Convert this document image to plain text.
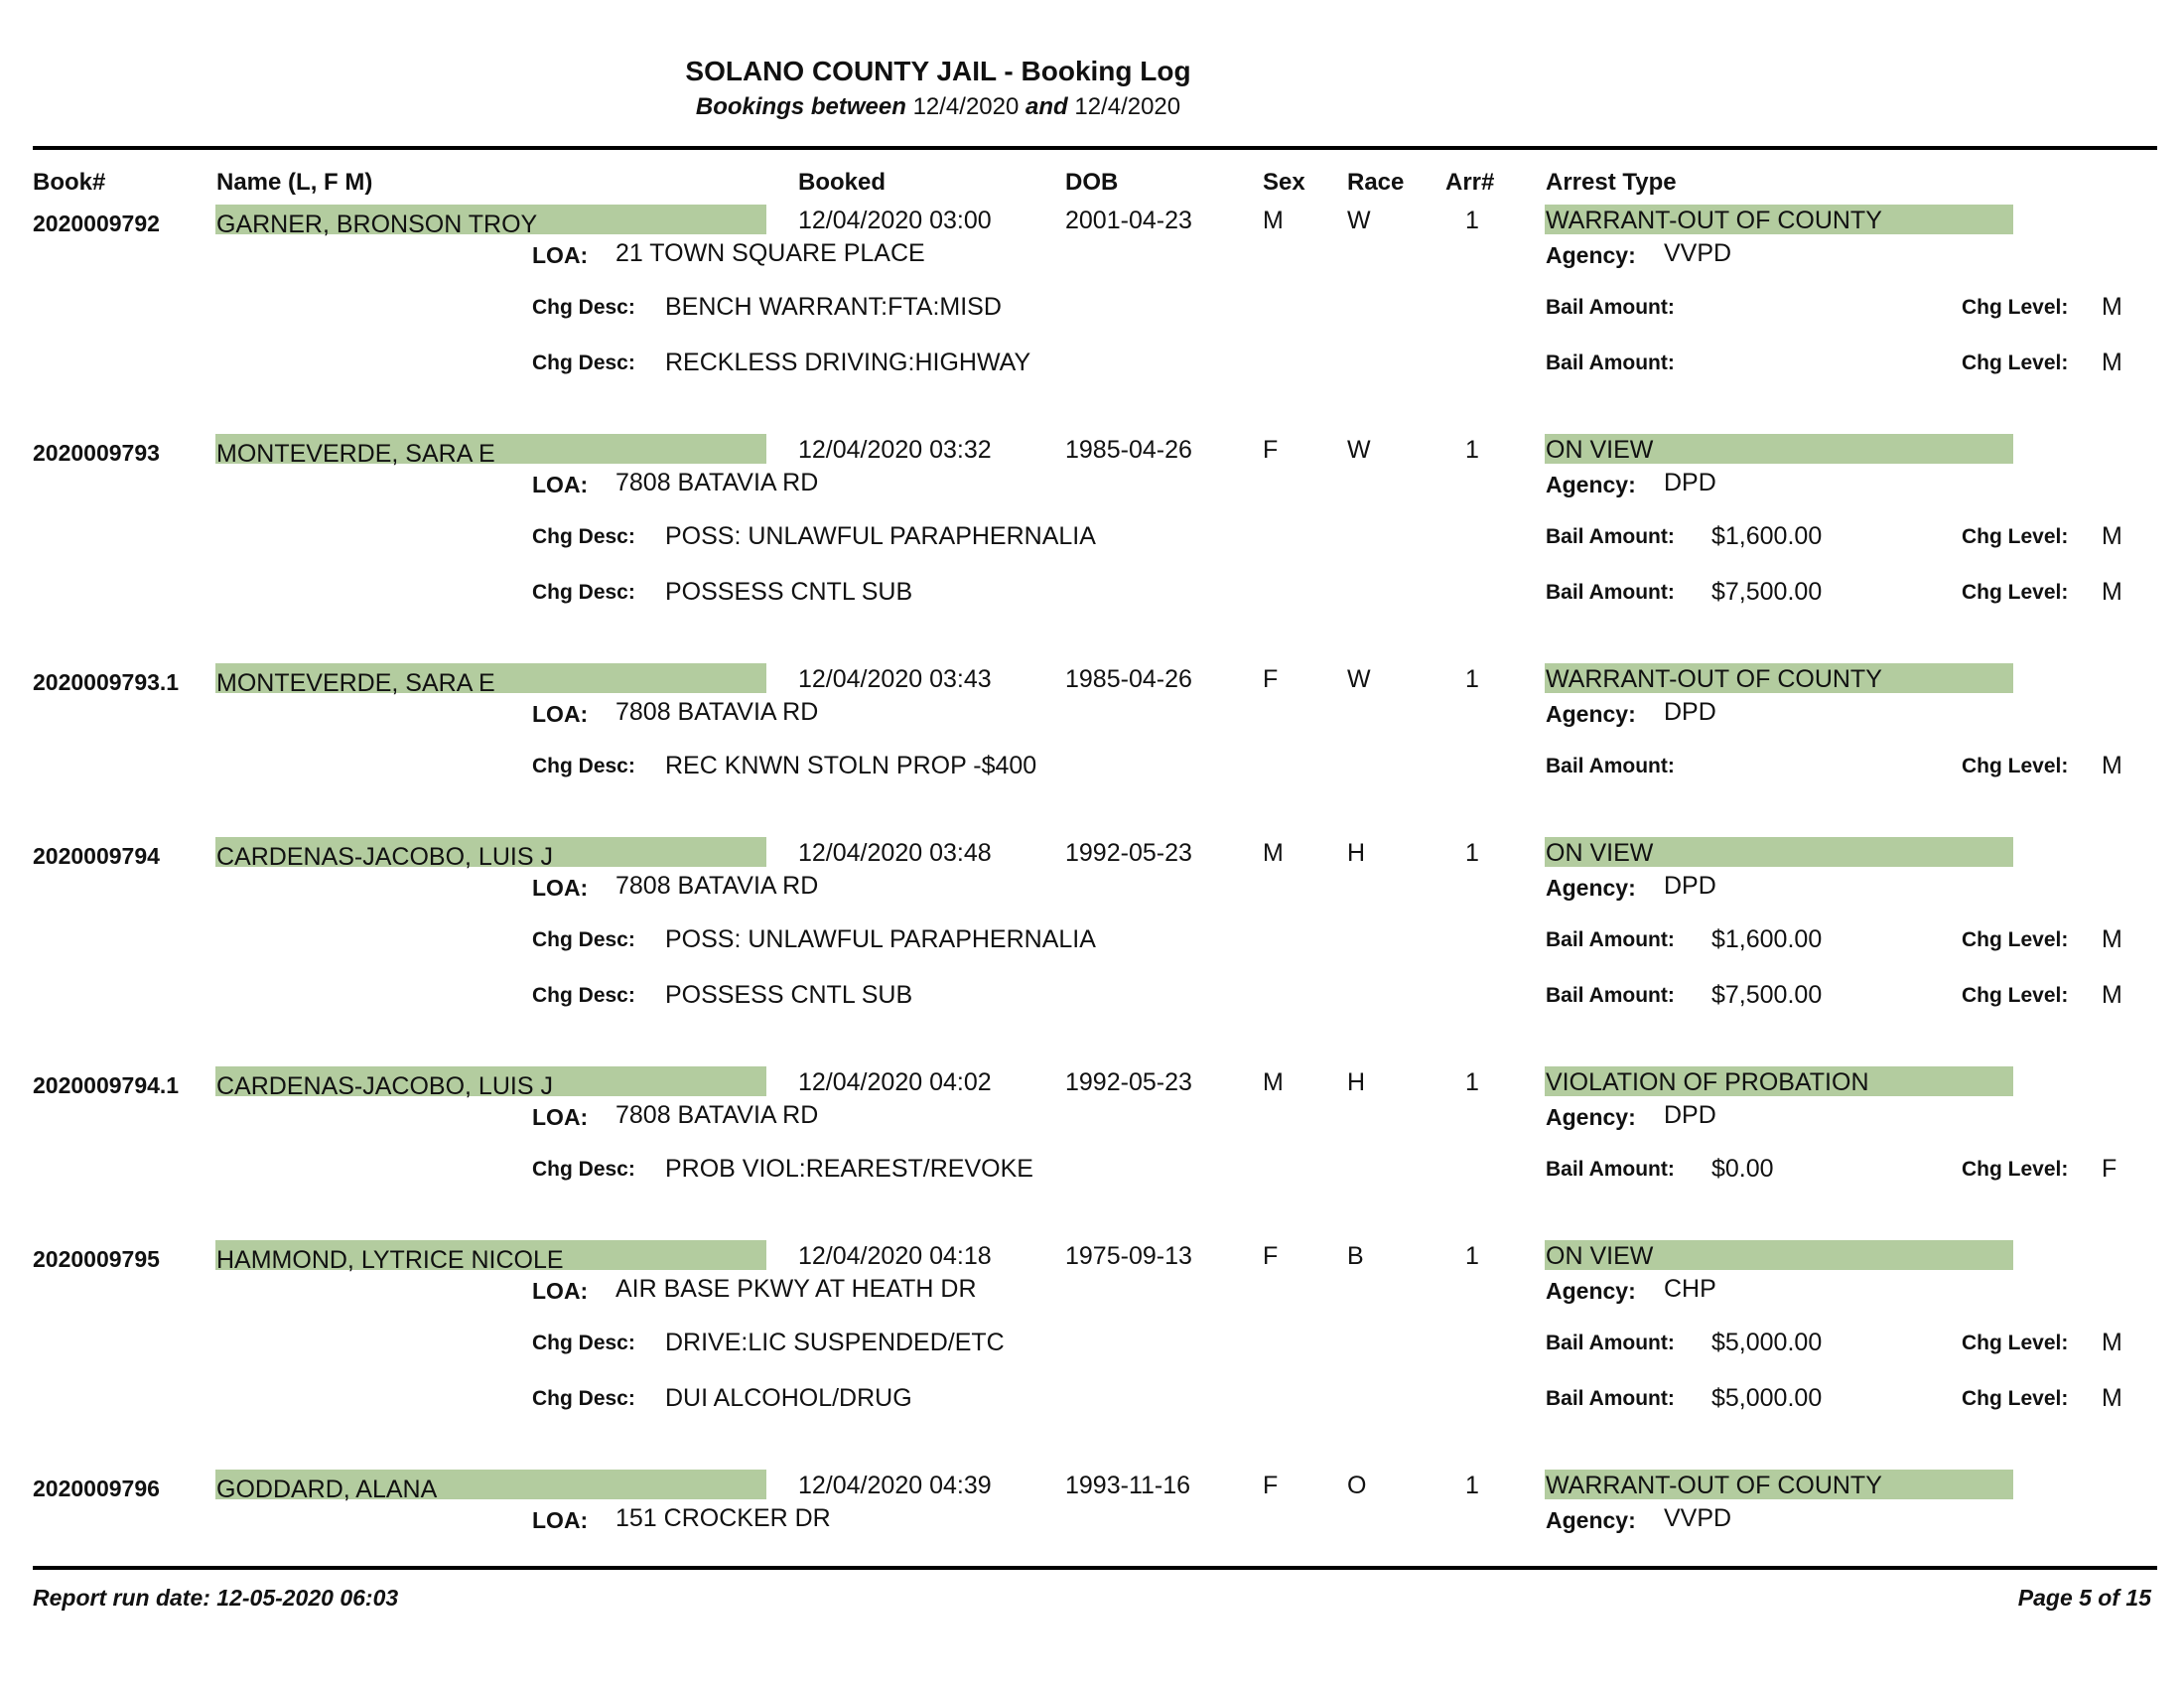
SOLANO COUNTY JAIL - Booking Log
Bookings between 12/4/2020 and 12/4/2020
Book#	Name (L, F M)	Booked	DOB	Sex Race Arr# Arrest Type
2020009792 GARNER, BRONSON TROY	12/04/2020 03:00	2001-04-23	M	W	1	WARRANT-OUT OF COUNTY
LOA: 21 TOWN SQUARE PLACE	Agency: VVPD
Chg Desc: BENCH WARRANT:FTA:MISD	Bail Amount:	Chg Level: M
Chg Desc: RECKLESS DRIVING:HIGHWAY	Bail Amount:	Chg Level: M
2020009793 MONTEVERDE, SARA E	12/04/2020 03:32	1985-04-26	F	W	1	ON VIEW
LOA: 7808 BATAVIA RD	Agency: DPD
Chg Desc: POSS: UNLAWFUL PARAPHERNALIA	Bail Amount: $1,600.00	Chg Level: M
Chg Desc: POSSESS CNTL SUB	Bail Amount: $7,500.00	Chg Level: M
2020009793.1 MONTEVERDE, SARA E	12/04/2020 03:43	1985-04-26	F	W	1	WARRANT-OUT OF COUNTY
LOA: 7808 BATAVIA RD	Agency: DPD
Chg Desc: REC KNWN STOLN PROP -$400	Bail Amount:	Chg Level: M
2020009794 CARDENAS-JACOBO, LUIS J	12/04/2020 03:48	1992-05-23	M	H	1	ON VIEW
LOA: 7808 BATAVIA RD	Agency: DPD
Chg Desc: POSS: UNLAWFUL PARAPHERNALIA	Bail Amount: $1,600.00	Chg Level: M
Chg Desc: POSSESS CNTL SUB	Bail Amount: $7,500.00	Chg Level: M
2020009794.1 CARDENAS-JACOBO, LUIS J	12/04/2020 04:02	1992-05-23	M	H	1	VIOLATION OF PROBATION
LOA: 7808 BATAVIA RD	Agency: DPD
Chg Desc: PROB VIOL:REAREST/REVOKE	Bail Amount: $0.00	Chg Level: F
2020009795 HAMMOND, LYTRICE NICOLE	12/04/2020 04:18	1975-09-13	F	B	1	ON VIEW
LOA: AIR BASE PKWY AT HEATH DR	Agency: CHP
Chg Desc: DRIVE:LIC SUSPENDED/ETC	Bail Amount: $5,000.00	Chg Level: M
Chg Desc: DUI ALCOHOL/DRUG	Bail Amount: $5,000.00	Chg Level: M
2020009796 GODDARD, ALANA	12/04/2020 04:39	1993-11-16	F	O	1	WARRANT-OUT OF COUNTY
LOA: 151 CROCKER DR	Agency: VVPD
Report run date: 12-05-2020 06:03	Page 5 of 15
